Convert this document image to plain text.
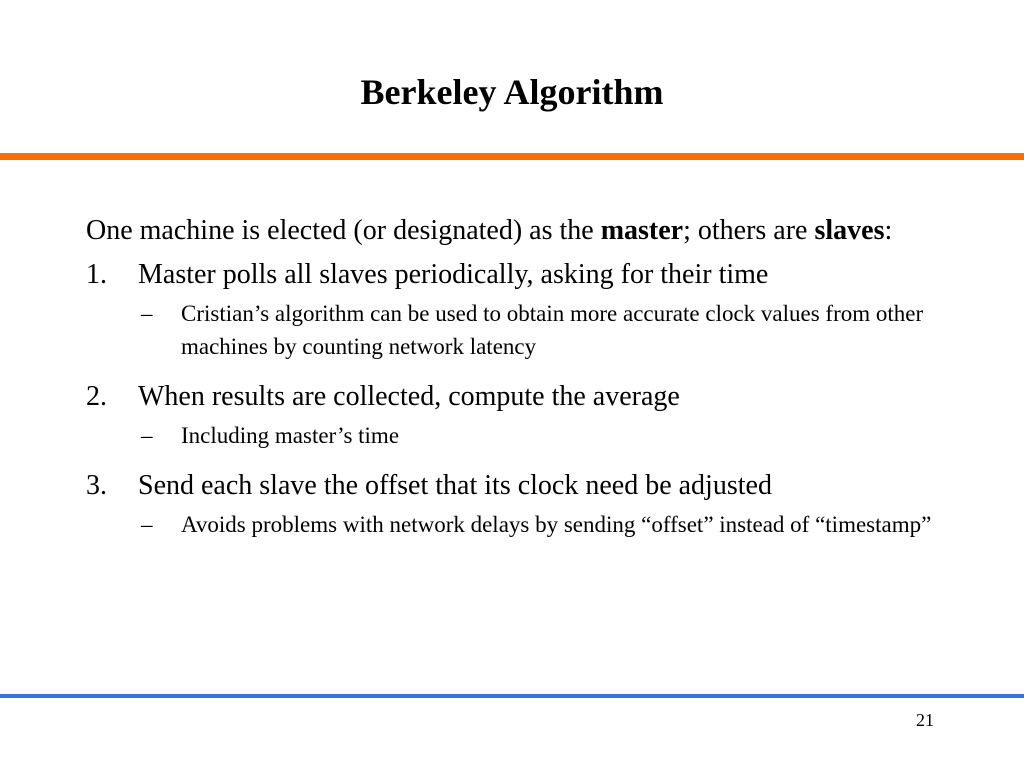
Berkeley Algorithm

One machine is elected (or designated) as the master; others are slaves:

1. Master polls all slaves periodically, asking for their time

– Cristian’s algorithm can be used to obtain more accurate clock values from other machines by counting network latency

2. When results are collected, compute the average

– Including master’s time

3. Send each slave the offset that its clock need be adjusted

– Avoids problems with network delays by sending “offset” instead of “timestamp”

21
